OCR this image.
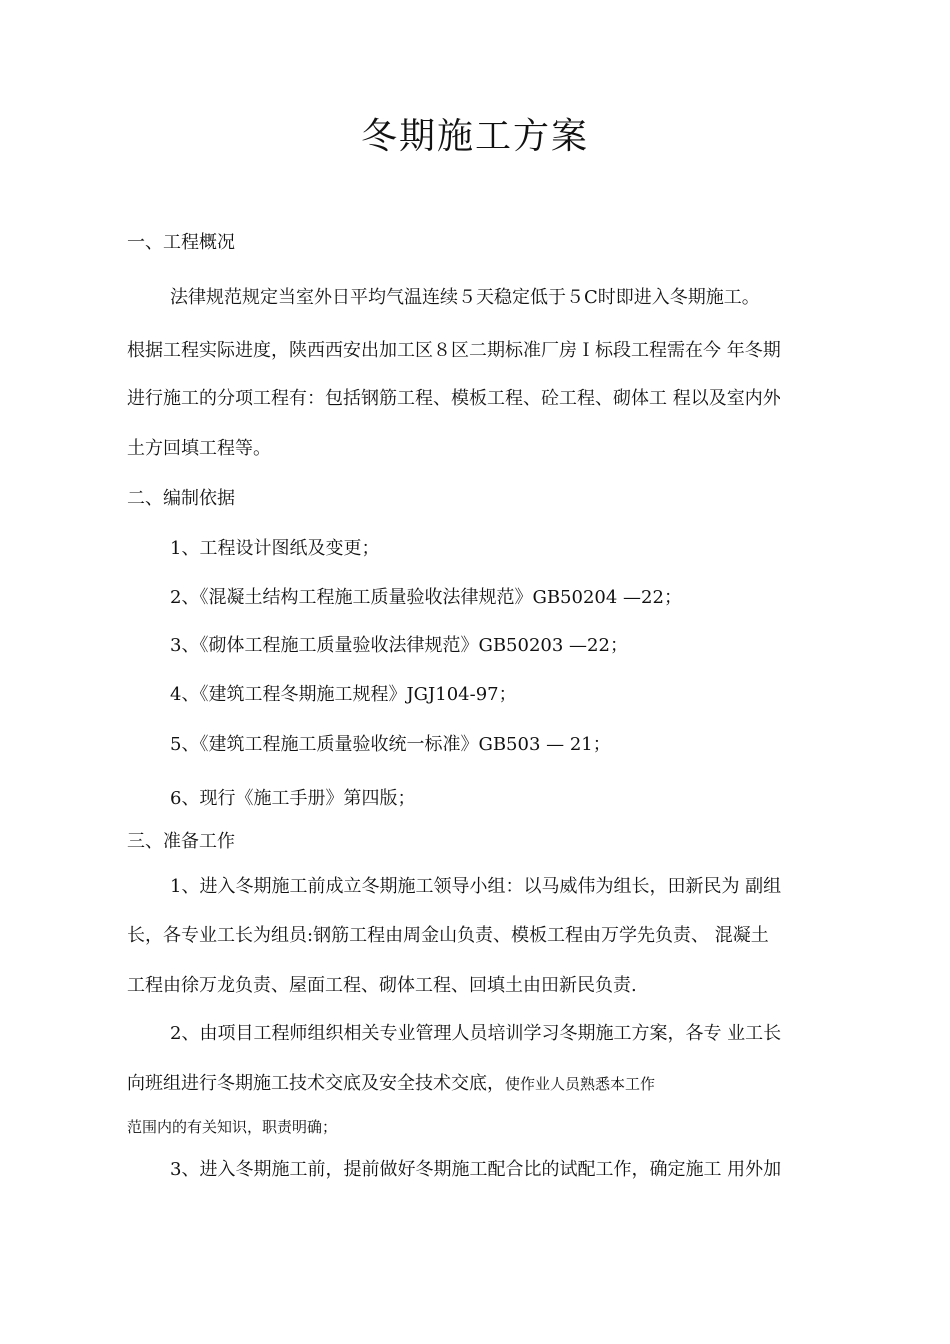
冬期施工方案
一、工程概况
法律规范规定当室外日平均气温连续５天稳定低于５C时即进入冬期施工。
根据工程实际进度，陕西西安出加工区８区二期标准厂房Ｉ标段工程需在今 年冬期
进行施工的分项工程有：包括钢筋工程、模板工程、砼工程、砌体工 程以及室内外
土方回填工程等。
二、编制依据
1、工程设计图纸及变更；
2、《混凝土结构工程施工质量验收法律规范》GB50204 —22；
3、《砌体工程施工质量验收法律规范》GB50203 —22；
4、《建筑工程冬期施工规程》JGJ104-97；
5、《建筑工程施工质量验收统一标准》GB503 — 21；
6、现行《施工手册》第四版；
三、准备工作
1、进入冬期施工前成立冬期施工领导小组：以马威伟为组长，田新民为 副组
长，各专业工长为组员:钢筋工程由周金山负责、模板工程由万学先负责、 混凝土
工程由徐万龙负责、屋面工程、砌体工程、回填土由田新民负责.
2、由项目工程师组织相关专业管理人员培训学习冬期施工方案，各专 业工长
向班组进行冬期施工技术交底及安全技术交底，使作业人员熟悉本工作
范围内的有关知识，职责明确；
3、进入冬期施工前，提前做好冬期施工配合比的试配工作，确定施工 用外加
